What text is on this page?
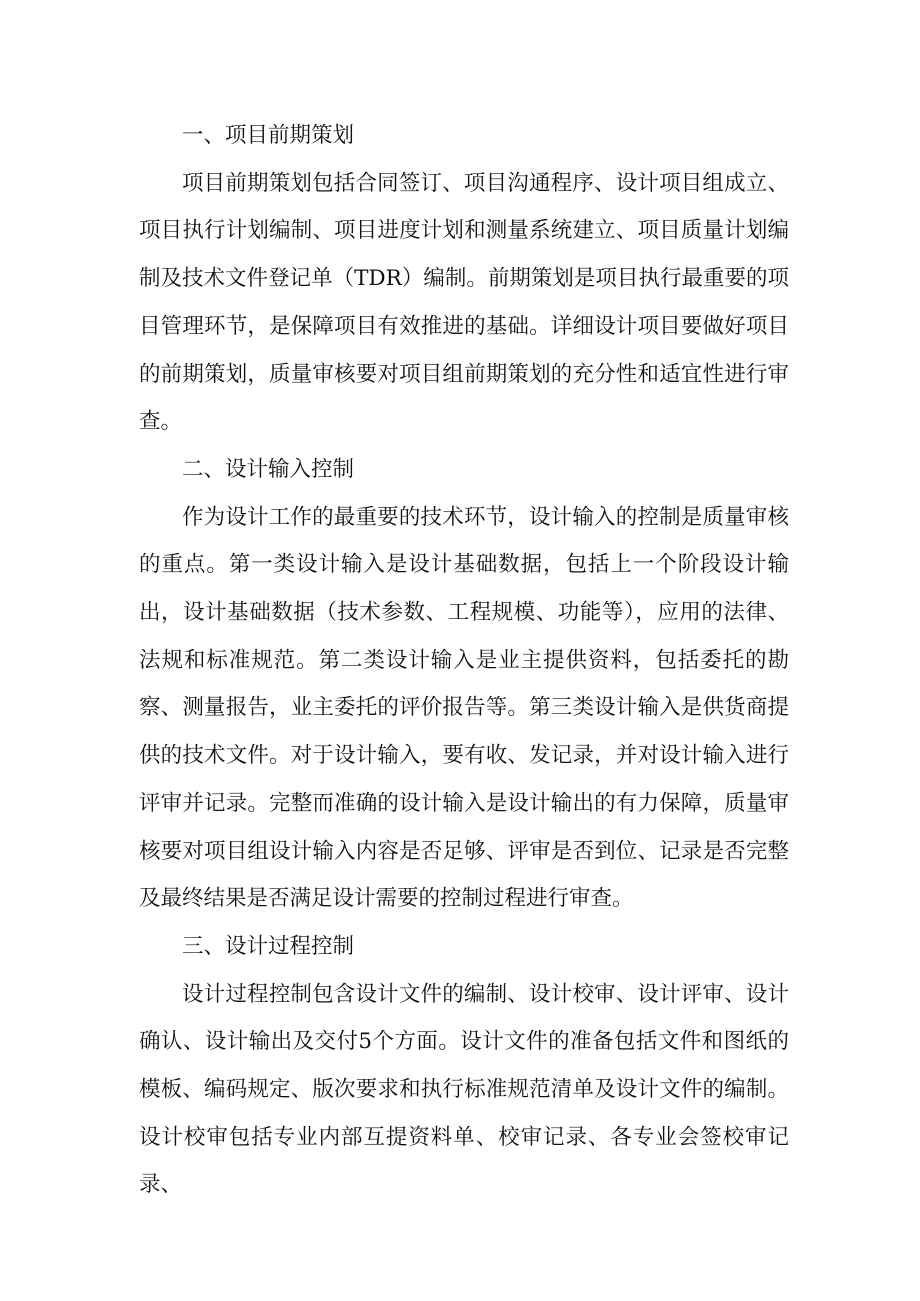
一、项目前期策划

项目前期策划包括合同签订、项目沟通程序、设计项目组成立、项目执行计划编制、项目进度计划和测量系统建立、项目质量计划编制及技术文件登记单（TDR）编制。前期策划是项目执行最重要的项目管理环节，是保障项目有效推进的基础。详细设计项目要做好项目的前期策划，质量审核要对项目组前期策划的充分性和适宜性进行审查。

二、设计输入控制

作为设计工作的最重要的技术环节，设计输入的控制是质量审核的重点。第一类设计输入是设计基础数据，包括上一个阶段设计输出，设计基础数据（技术参数、工程规模、功能等），应用的法律、法规和标准规范。第二类设计输入是业主提供资料，包括委托的勘察、测量报告，业主委托的评价报告等。第三类设计输入是供货商提供的技术文件。对于设计输入，要有收、发记录，并对设计输入进行评审并记录。完整而准确的设计输入是设计输出的有力保障，质量审核要对项目组设计输入内容是否足够、评审是否到位、记录是否完整及最终结果是否满足设计需要的控制过程进行审查。

三、设计过程控制

设计过程控制包含设计文件的编制、设计校审、设计评审、设计确认、设计输出及交付5个方面。设计文件的准备包括文件和图纸的模板、编码规定、版次要求和执行标准规范清单及设计文件的编制。设计校审包括专业内部互提资料单、校审记录、各专业会签校审记录、
